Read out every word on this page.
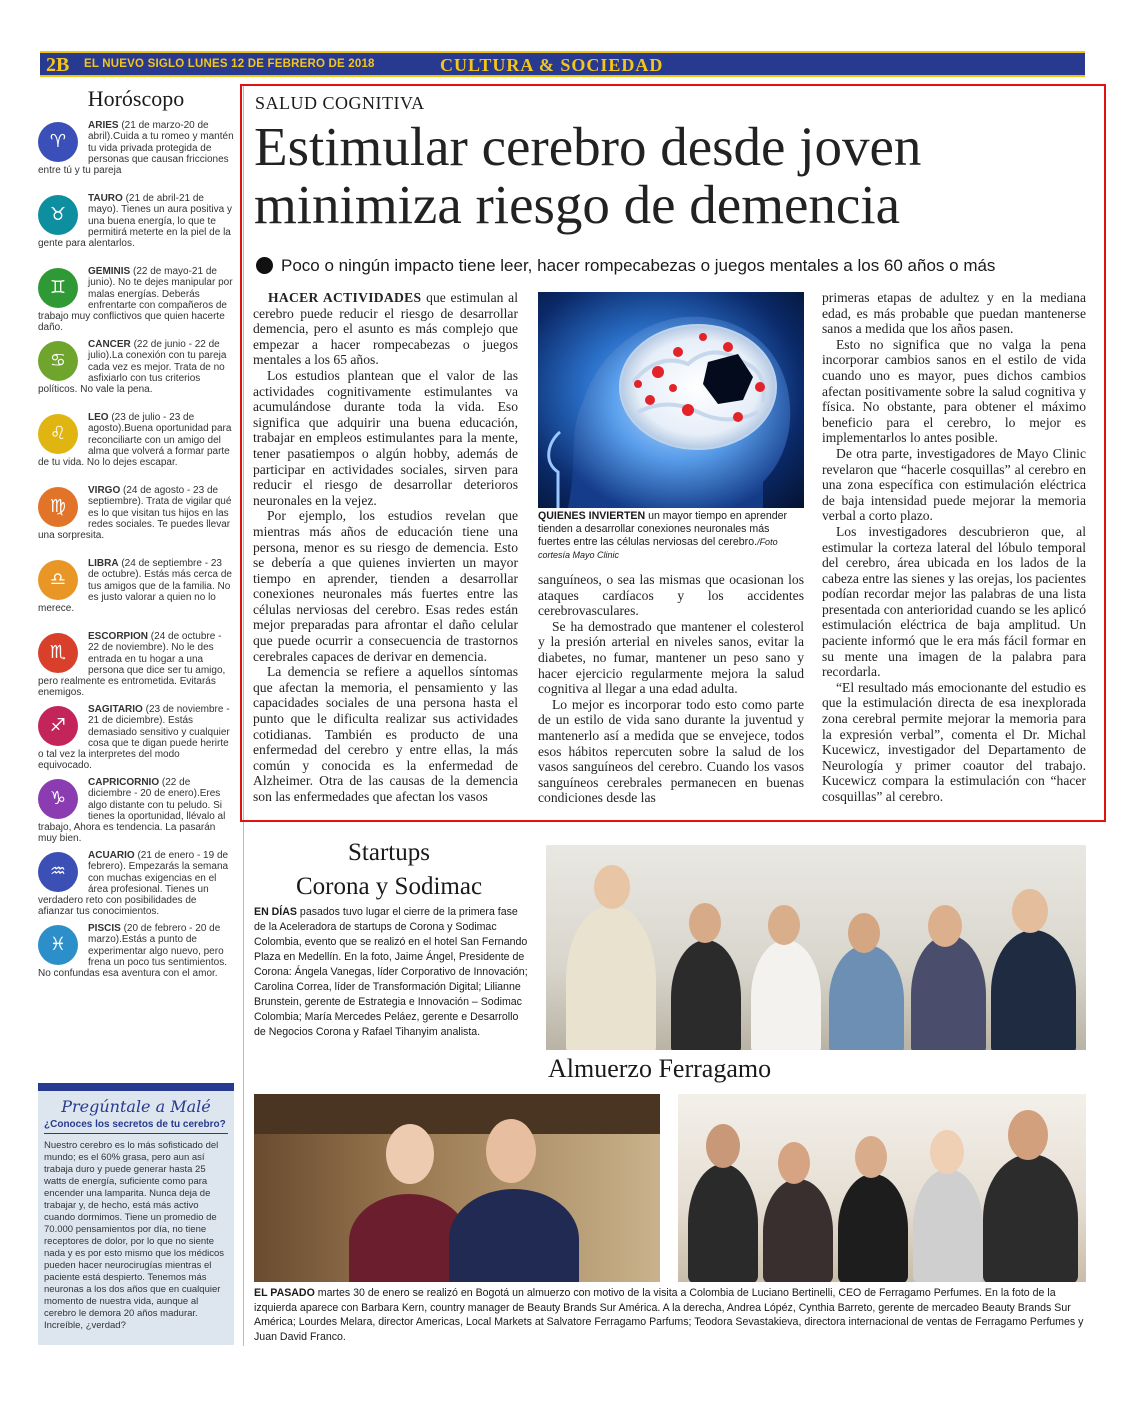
2B EL NUEVO SIGLO LUNES 12 DE FEBRERO DE 2018	CULTURA & SOCIEDAD
Horóscopo
♈
ARIES (21 de marzo-20 de abril).Cuida a tu romeo y mantén tu vida privada protegida de personas que causan fricciones entre tú y tu pareja
♉
TAURO (21 de abril-21 de mayo). Tienes un aura positiva y una buena energía, lo que te permitirá meterte en la piel de la gente para alentarlos.
♊
GÉMINIS (22 de mayo-21 de junio). No te dejes manipular por malas energías. Deberás enfrentarte con compañeros de trabajo muy conflictivos que quien hacerte daño.
♋
CÁNCER (22 de junio - 22 de julio).La conexión con tu pareja cada vez es mejor. Trata de no asfixiarlo con tus criterios políticos. No vale la pena.
♌
LEO (23 de julio - 23 de agosto).Buena oportunidad para reconciliarte con un amigo del alma que volverá a formar parte de tu vida. No lo dejes escapar.
♍
VIRGO (24 de agosto - 23 de septiembre). Trata de vigilar qué es lo que visitan tus hijos en las redes sociales. Te puedes llevar una sorpresita.
♎
LIBRA (24 de septiembre - 23 de octubre). Estás más cerca de tus amigos que de la familia. No es justo valorar a quien no lo merece.
♏
ESCORPION (24 de octubre - 22 de noviembre). No le des entrada en tu hogar a una persona que dice ser tu amigo, pero realmente es entrometida. Evitarás enemigos.
♐
SAGITARIO (23 de noviembre - 21 de diciembre). Estás demasiado sensitivo y cualquier cosa que te digan puede herirte o tal vez la interpretes del modo equivocado.
♑
CAPRICORNIO (22 de diciembre - 20 de enero).Eres algo distante con tu peludo. Si tienes la oportunidad, llévalo al trabajo, Ahora es tendencia. La pasarán muy bien.
♒
ACUARIO (21 de enero - 19 de febrero). Empezarás la semana con muchas exigencias en el área profesional. Tienes un verdadero reto con posibilidades de afianzar tus conocimientos.
♓
PISCIS (20 de febrero - 20 de marzo).Estás a punto de experimentar algo nuevo, pero frena un poco tus sentimientos. No confundas esa aventura con el amor.
Pregúntale a Malé
¿Conoces los secretos de tu cerebro?
Nuestro cerebro es lo más sofisticado del mundo; es el 60% grasa, pero aun así trabaja duro y puede generar hasta 25 watts de energía, suficiente como para encender una lamparita. Nunca deja de trabajar y, de hecho, está más activo cuando dormimos. Tiene un promedio de 70.000 pensamientos por día, no tiene receptores de dolor, por lo que no siente nada y es por esto mismo que los médicos pueden hacer neurocirugías mientras el paciente está despierto. Tenemos más neuronas a los dos años que en cualquier momento de nuestra vida, aunque al cerebro le demora 20 años madurar. Increíble, ¿verdad?
SALUD COGNITIVA
Estimular cerebro desde joven
minimiza riesgo de demencia
Poco o ningún impacto tiene leer, hacer rompecabezas o juegos mentales a los 60 años o más

HACER ACTIVIDADES que estimulan al cerebro puede reducir el riesgo de desarrollar demencia, pero el asunto es más complejo que empezar a hacer rompecabezas o juegos mentales a los 65 años.

Los estudios plantean que el valor de las actividades cognitivamente estimulantes va acumulándose durante toda la vida. Eso significa que adquirir una buena educación, trabajar en empleos estimulantes para la mente, tener pasatiempos o algún hobby, además de participar en actividades sociales, sirven para reducir el riesgo de desarrollar deterioros neuronales en la vejez.

Por ejemplo, los estudios revelan que mientras más años de educación tiene una persona, menor es su riesgo de demencia. Esto se debería a que quienes invierten un mayor tiempo en aprender, tienden a desarrollar conexiones neuronales más fuertes entre las células nerviosas del cerebro. Esas redes están mejor preparadas para afrontar el daño celular que puede ocurrir a consecuencia de trastornos cerebrales capaces de derivar en demencia.

La demencia se refiere a aquellos síntomas que afectan la memoria, el pensamiento y las capacidades sociales de una persona hasta el punto que le dificulta realizar sus actividades cotidianas. También es producto de una enfermedad del cerebro y entre ellas, la más común y conocida es la enfermedad de Alzheimer. Otra de las causas de la demencia son las enfermedades que afectan los vasos

QUIENES INVIERTEN un mayor tiempo en aprender tienden a desarrollar conexiones neuronales más fuertes entre las células nerviosas del cerebro./Foto cortesía Mayo Clinic

sanguíneos, o sea las mismas que ocasionan los ataques cardíacos y los accidentes cerebrovasculares.

Se ha demostrado que mantener el colesterol y la presión arterial en niveles sanos, evitar la diabetes, no fumar, mantener un peso sano y hacer ejercicio regularmente mejora la salud cognitiva al llegar a una edad adulta.

Lo mejor es incorporar todo esto como parte de un estilo de vida sano durante la juventud y mantenerlo así a medida que se envejece, todos esos hábitos repercuten sobre la salud de los vasos sanguíneos del cerebro. Cuando los vasos sanguíneos cerebrales permanecen en buenas condiciones desde las

primeras etapas de adultez y en la mediana edad, es más probable que puedan mantenerse sanos a medida que los años pasen.

Esto no significa que no valga la pena incorporar cambios sanos en el estilo de vida cuando uno es mayor, pues dichos cambios afectan positivamente sobre la salud cognitiva y física. No obstante, para obtener el máximo beneficio para el cerebro, lo mejor es implementarlos lo antes posible.

De otra parte, investigadores de Mayo Clinic revelaron que “hacerle cosquillas” al cerebro en una zona específica con estimulación eléctrica de baja intensidad puede mejorar la memoria verbal a corto plazo.

Los investigadores descubrieron que, al estimular la corteza lateral del lóbulo temporal del cerebro, área ubicada en los lados de la cabeza entre las sienes y las orejas, los pacientes podían recordar mejor las palabras de una lista presentada con anterioridad cuando se les aplicó estimulación eléctrica de baja amplitud. Un paciente informó que le era más fácil formar en su mente una imagen de la palabra para recordarla.

“El resultado más emocionante del estudio es que la estimulación directa de esa inexplorada zona cerebral permite mejorar la memoria para la expresión verbal”, comenta el Dr. Michal Kucewicz, investigador del Departamento de Neurología y primer coautor del trabajo. Kucewicz compara la estimulación con “hacer cosquillas” al cerebro.

Startups
Corona y Sodimac
EN DÍAS pasados tuvo lugar el cierre de la primera fase de la Aceleradora de startups de Corona y Sodimac Colombia, evento que se realizó en el hotel San Fernando Plaza en Medellín. En la foto, Jaime Ángel, Presidente de Corona: Ángela Vanegas, líder Corporativo de Innovación; Carolina Correa, líder de Transformación Digital; Lilianne Brunstein, gerente de Estrategia e Innovación – Sodimac Colombia; María Mercedes Peláez, gerente e Desarrollo de Negocios Corona y Rafael Tihanyim analista.
Almuerzo Ferragamo
EL PASADO martes 30 de enero se realizó en Bogotá un almuerzo con motivo de la visita a Colombia de Luciano Bertinelli, CEO de Ferragamo Perfumes. En la foto de la izquierda aparece con Barbara Kern, country manager de Beauty Brands Sur América. A la derecha, Andrea Lópéz, Cynthia Barreto, gerente de mercadeo Beauty Brands Sur América; Lourdes Melara, director Americas, Local Markets at Salvatore Ferragamo Parfums; Teodora Sevastakieva, directora internacional de ventas de Ferragamo Perfumes y Juan David Franco.
